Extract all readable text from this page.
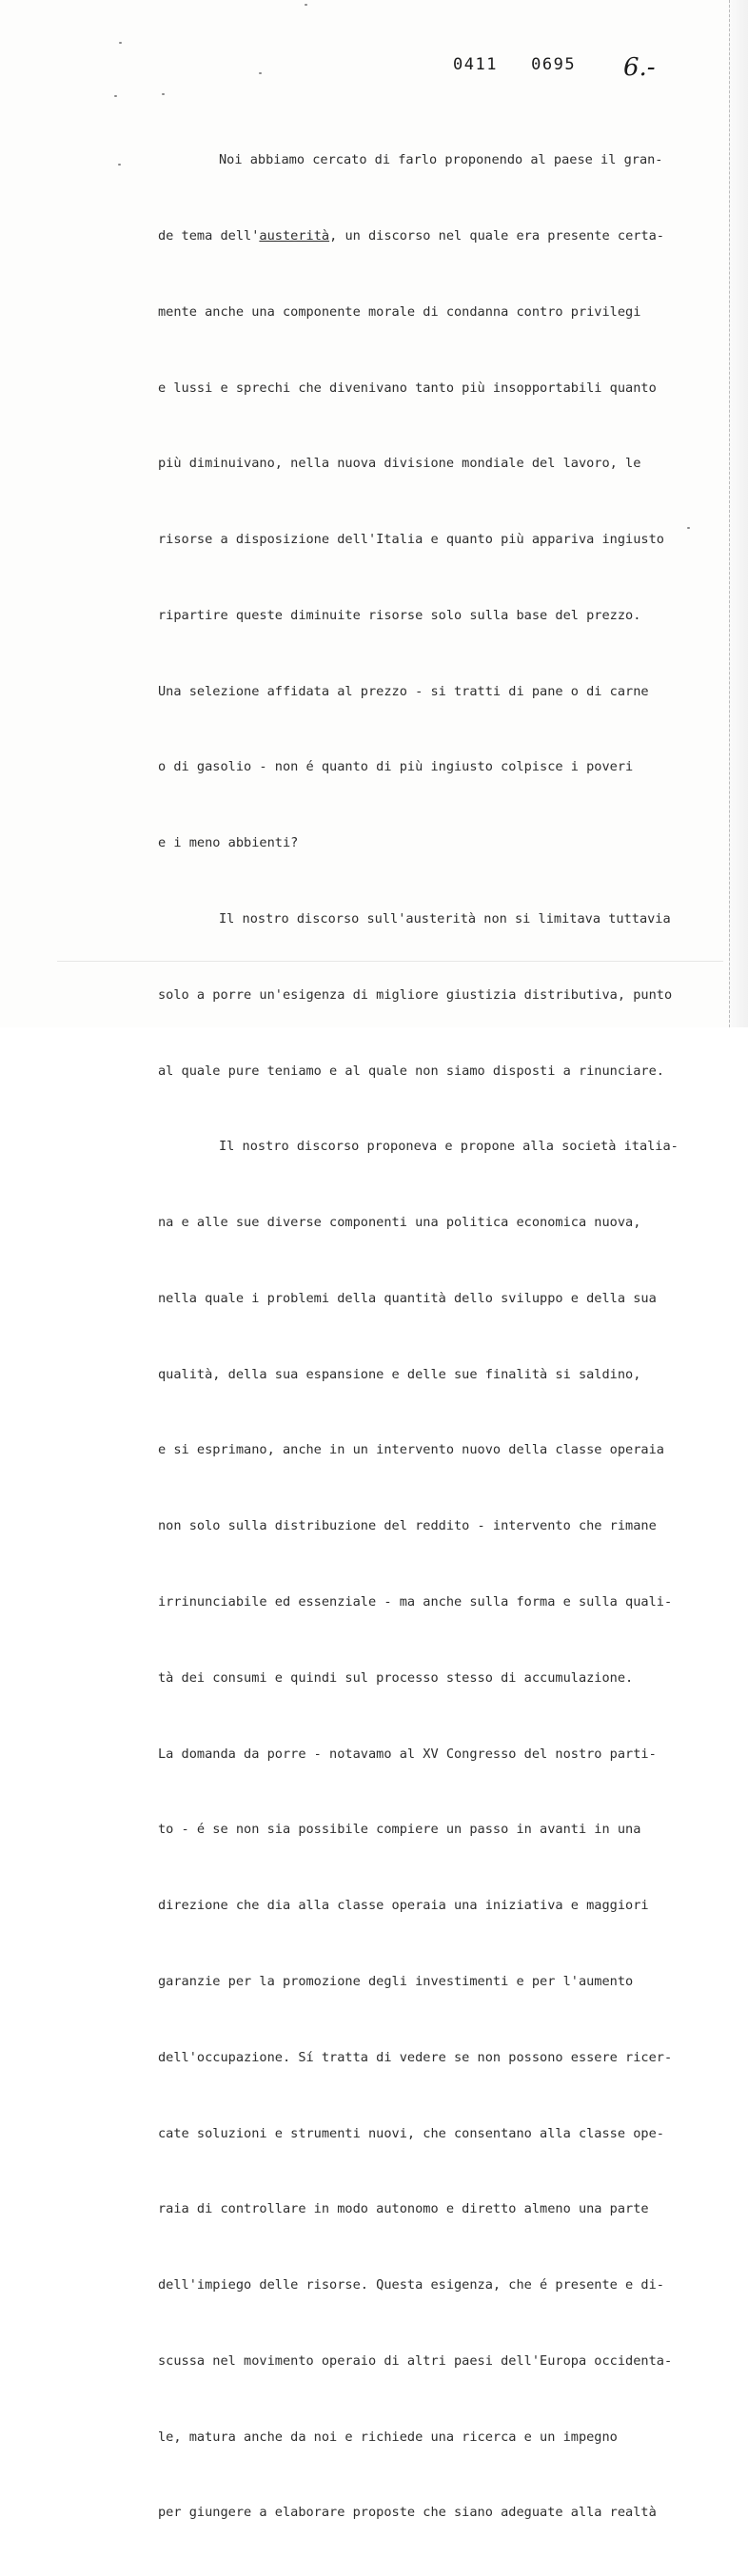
0411   0695 6.-

Noi abbiamo cercato di farlo proponendo al paese il gran-

de tema dell'austerità, un discorso nel quale era presente certa-

mente anche una componente morale di condanna contro privilegi

e lussi e sprechi che divenivano tanto più insopportabili quanto

più diminuivano, nella nuova divisione mondiale del lavoro, le

risorse a disposizione dell'Italia e quanto più appariva ingiusto

ripartire queste diminuite risorse solo sulla base del prezzo.

Una selezione affidata al prezzo - si tratti di pane o di carne

o di gasolio - non é quanto di più ingiusto colpisce i poveri

e i meno abbienti?

Il nostro discorso sull'austerità non si limitava tuttavia

solo a porre un'esigenza di migliore giustizia distributiva, punto

al quale pure teniamo e al quale non siamo disposti a rinunciare.

Il nostro discorso proponeva e propone alla società italia-

na e alle sue diverse componenti una politica economica nuova,

nella quale i problemi della quantità dello sviluppo e della sua

qualità, della sua espansione e delle sue finalità si saldino,

e si esprimano, anche in un intervento nuovo della classe operaia

non solo sulla distribuzione del reddito - intervento che rimane

irrinunciabile ed essenziale - ma anche sulla forma e sulla quali-

tà dei consumi e quindi sul processo stesso di accumulazione.

La domanda da porre - notavamo al XV Congresso del nostro parti-

to - é se non sia possibile compiere un passo in avanti in una

direzione che dia alla classe operaia una iniziativa e maggiori

garanzie per la promozione degli investimenti e per l'aumento

dell'occupazione. Sí tratta di vedere se non possono essere ricer-

cate soluzioni e strumenti nuovi, che consentano alla classe ope-

raia di controllare in modo autonomo e diretto almeno una parte

dell'impiego delle risorse. Questa esigenza, che é presente e di-

scussa nel movimento operaio di altri paesi dell'Europa occidenta-

le, matura anche da noi e richiede una ricerca e un impegno

per giungere a elaborare proposte che siano adeguate alla realtà
